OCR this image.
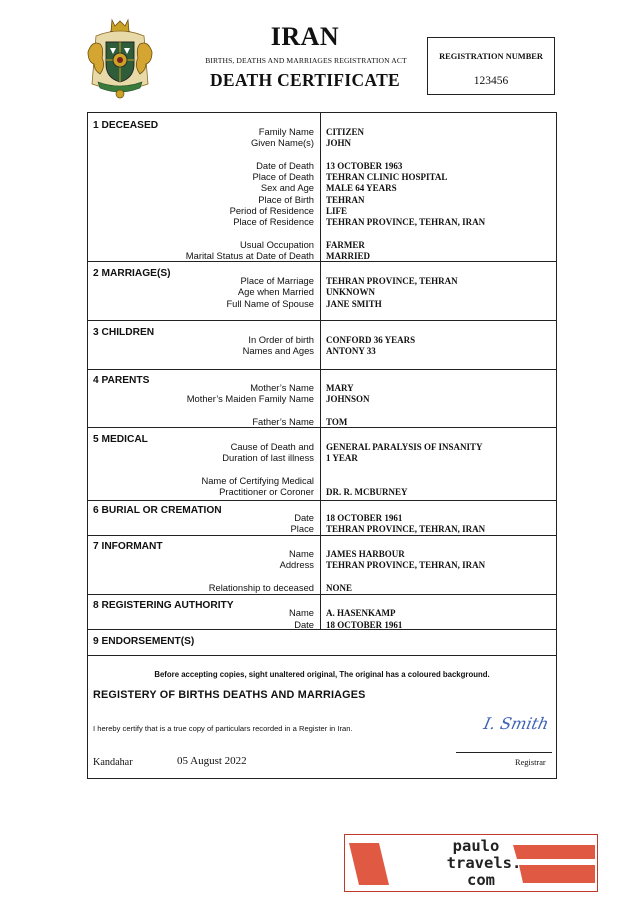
IRAN
BIRTHS, DEATHS AND MARRIAGES REGISTRATION ACT
DEATH CERTIFICATE
REGISTRATION NUMBER
123456
1 DECEASED
Family Name CITIZEN
Given Name(s) JOHN
Date of Death 13 OCTOBER 1963
Place of Death TEHRAN CLINIC HOSPITAL
Sex and Age MALE 64 YEARS
Place of Birth TEHRAN
Period of Residence LIFE
Place of Residence TEHRAN PROVINCE, TEHRAN, IRAN
Usual Occupation FARMER
Marital Status at Date of Death MARRIED
2 MARRIAGE(S)
Place of Marriage TEHRAN PROVINCE, TEHRAN
Age when Married UNKNOWN
Full Name of Spouse JANE SMITH
3 CHILDREN
In Order of birth CONFORD 36 YEARS
Names and Ages ANTONY 33
4 PARENTS
Mother’s Name MARY
Mother’s Maiden Family Name JOHNSON
Father’s Name TOM
5 MEDICAL
Cause of Death and GENERAL PARALYSIS OF INSANITY
Duration of last illness 1 YEAR
Name of Certifying Medical
Practitioner or Coroner DR. R. MCBURNEY
6 BURIAL OR CREMATION
Date 18 OCTOBER 1961
Place TEHRAN PROVINCE, TEHRAN, IRAN
7 INFORMANT
Name JAMES HARBOUR
Address TEHRAN PROVINCE, TEHRAN, IRAN
Relationship to deceased NONE
8 REGISTERING AUTHORITY
Name A. HASENKAMP
Date 18 OCTOBER 1961
9 ENDORSEMENT(S)
Before accepting copies, sight unaltered original, The original has a coloured background.
REGISTERY OF BIRTHS DEATHS AND MARRIAGES
I hereby certify that is a true copy of particulars recorded in a Register in Iran.	I. Smith
Registrar
Kandahar	05 August 2022
paulo
travels.
com
